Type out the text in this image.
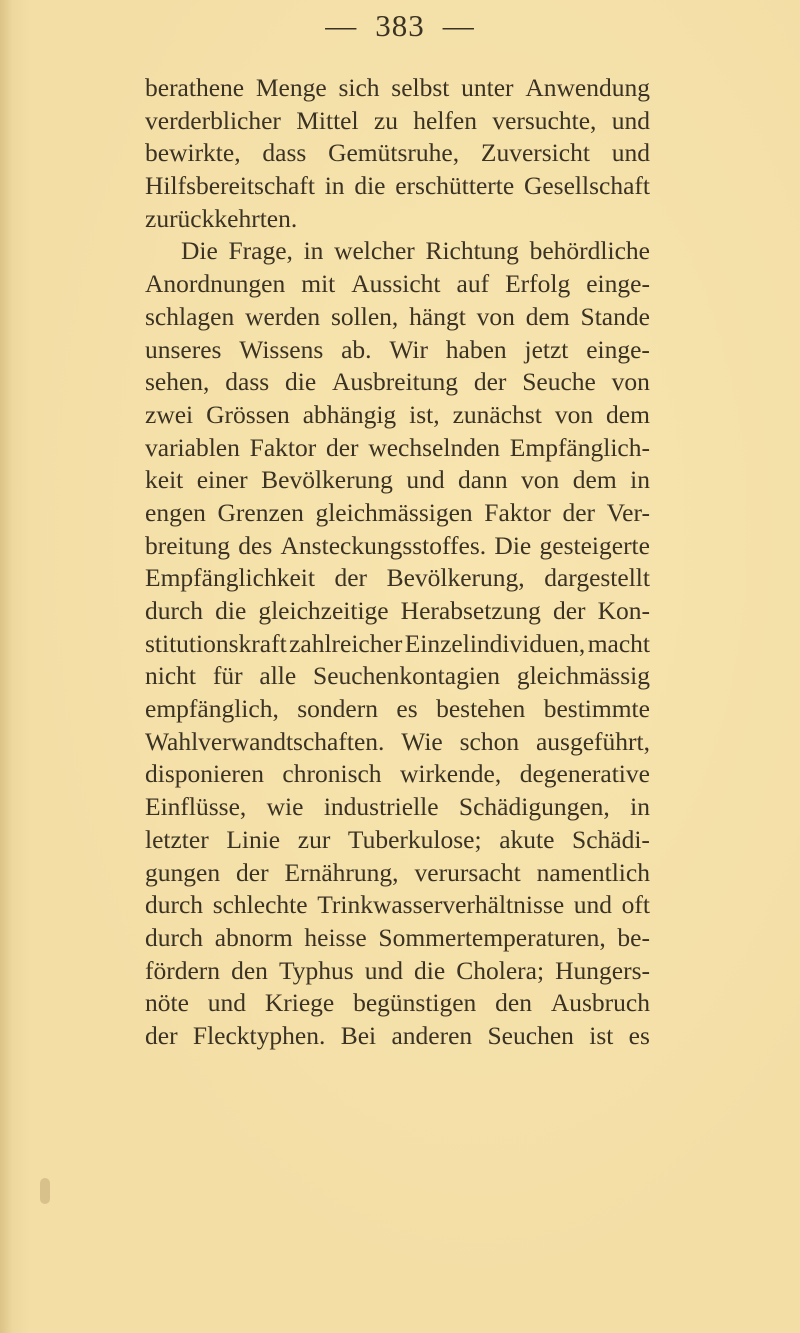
— 383 —
berathene Menge sich selbst unter Anwendung
verderblicher Mittel zu helfen versuchte, und
bewirkte, dass Gemütsruhe, Zuversicht und
Hilfsbereitschaft in die erschütterte Gesellschaft
zurückkehrten.
Die Frage, in welcher Richtung behördliche
Anordnungen mit Aussicht auf Erfolg einge-
schlagen werden sollen, hängt von dem Stande
unseres Wissens ab. Wir haben jetzt einge-
sehen, dass die Ausbreitung der Seuche von
zwei Grössen abhängig ist, zunächst von dem
variablen Faktor der wechselnden Empfänglich-
keit einer Bevölkerung und dann von dem in
engen Grenzen gleichmässigen Faktor der Ver-
breitung des Ansteckungsstoffes. Die gesteigerte
Empfänglichkeit der Bevölkerung, dargestellt
durch die gleichzeitige Herabsetzung der Kon-
stitutionskraft zahlreicher Einzelindividuen, macht
nicht für alle Seuchenkontagien gleichmässig
empfänglich, sondern es bestehen bestimmte
Wahlverwandtschaften. Wie schon ausgeführt,
disponieren chronisch wirkende, degenerative
Einflüsse, wie industrielle Schädigungen, in
letzter Linie zur Tuberkulose; akute Schädi-
gungen der Ernährung, verursacht namentlich
durch schlechte Trinkwasserverhältnisse und oft
durch abnorm heisse Sommertemperaturen, be-
fördern den Typhus und die Cholera; Hungers-
nöte und Kriege begünstigen den Ausbruch
der Flecktyphen. Bei anderen Seuchen ist es
